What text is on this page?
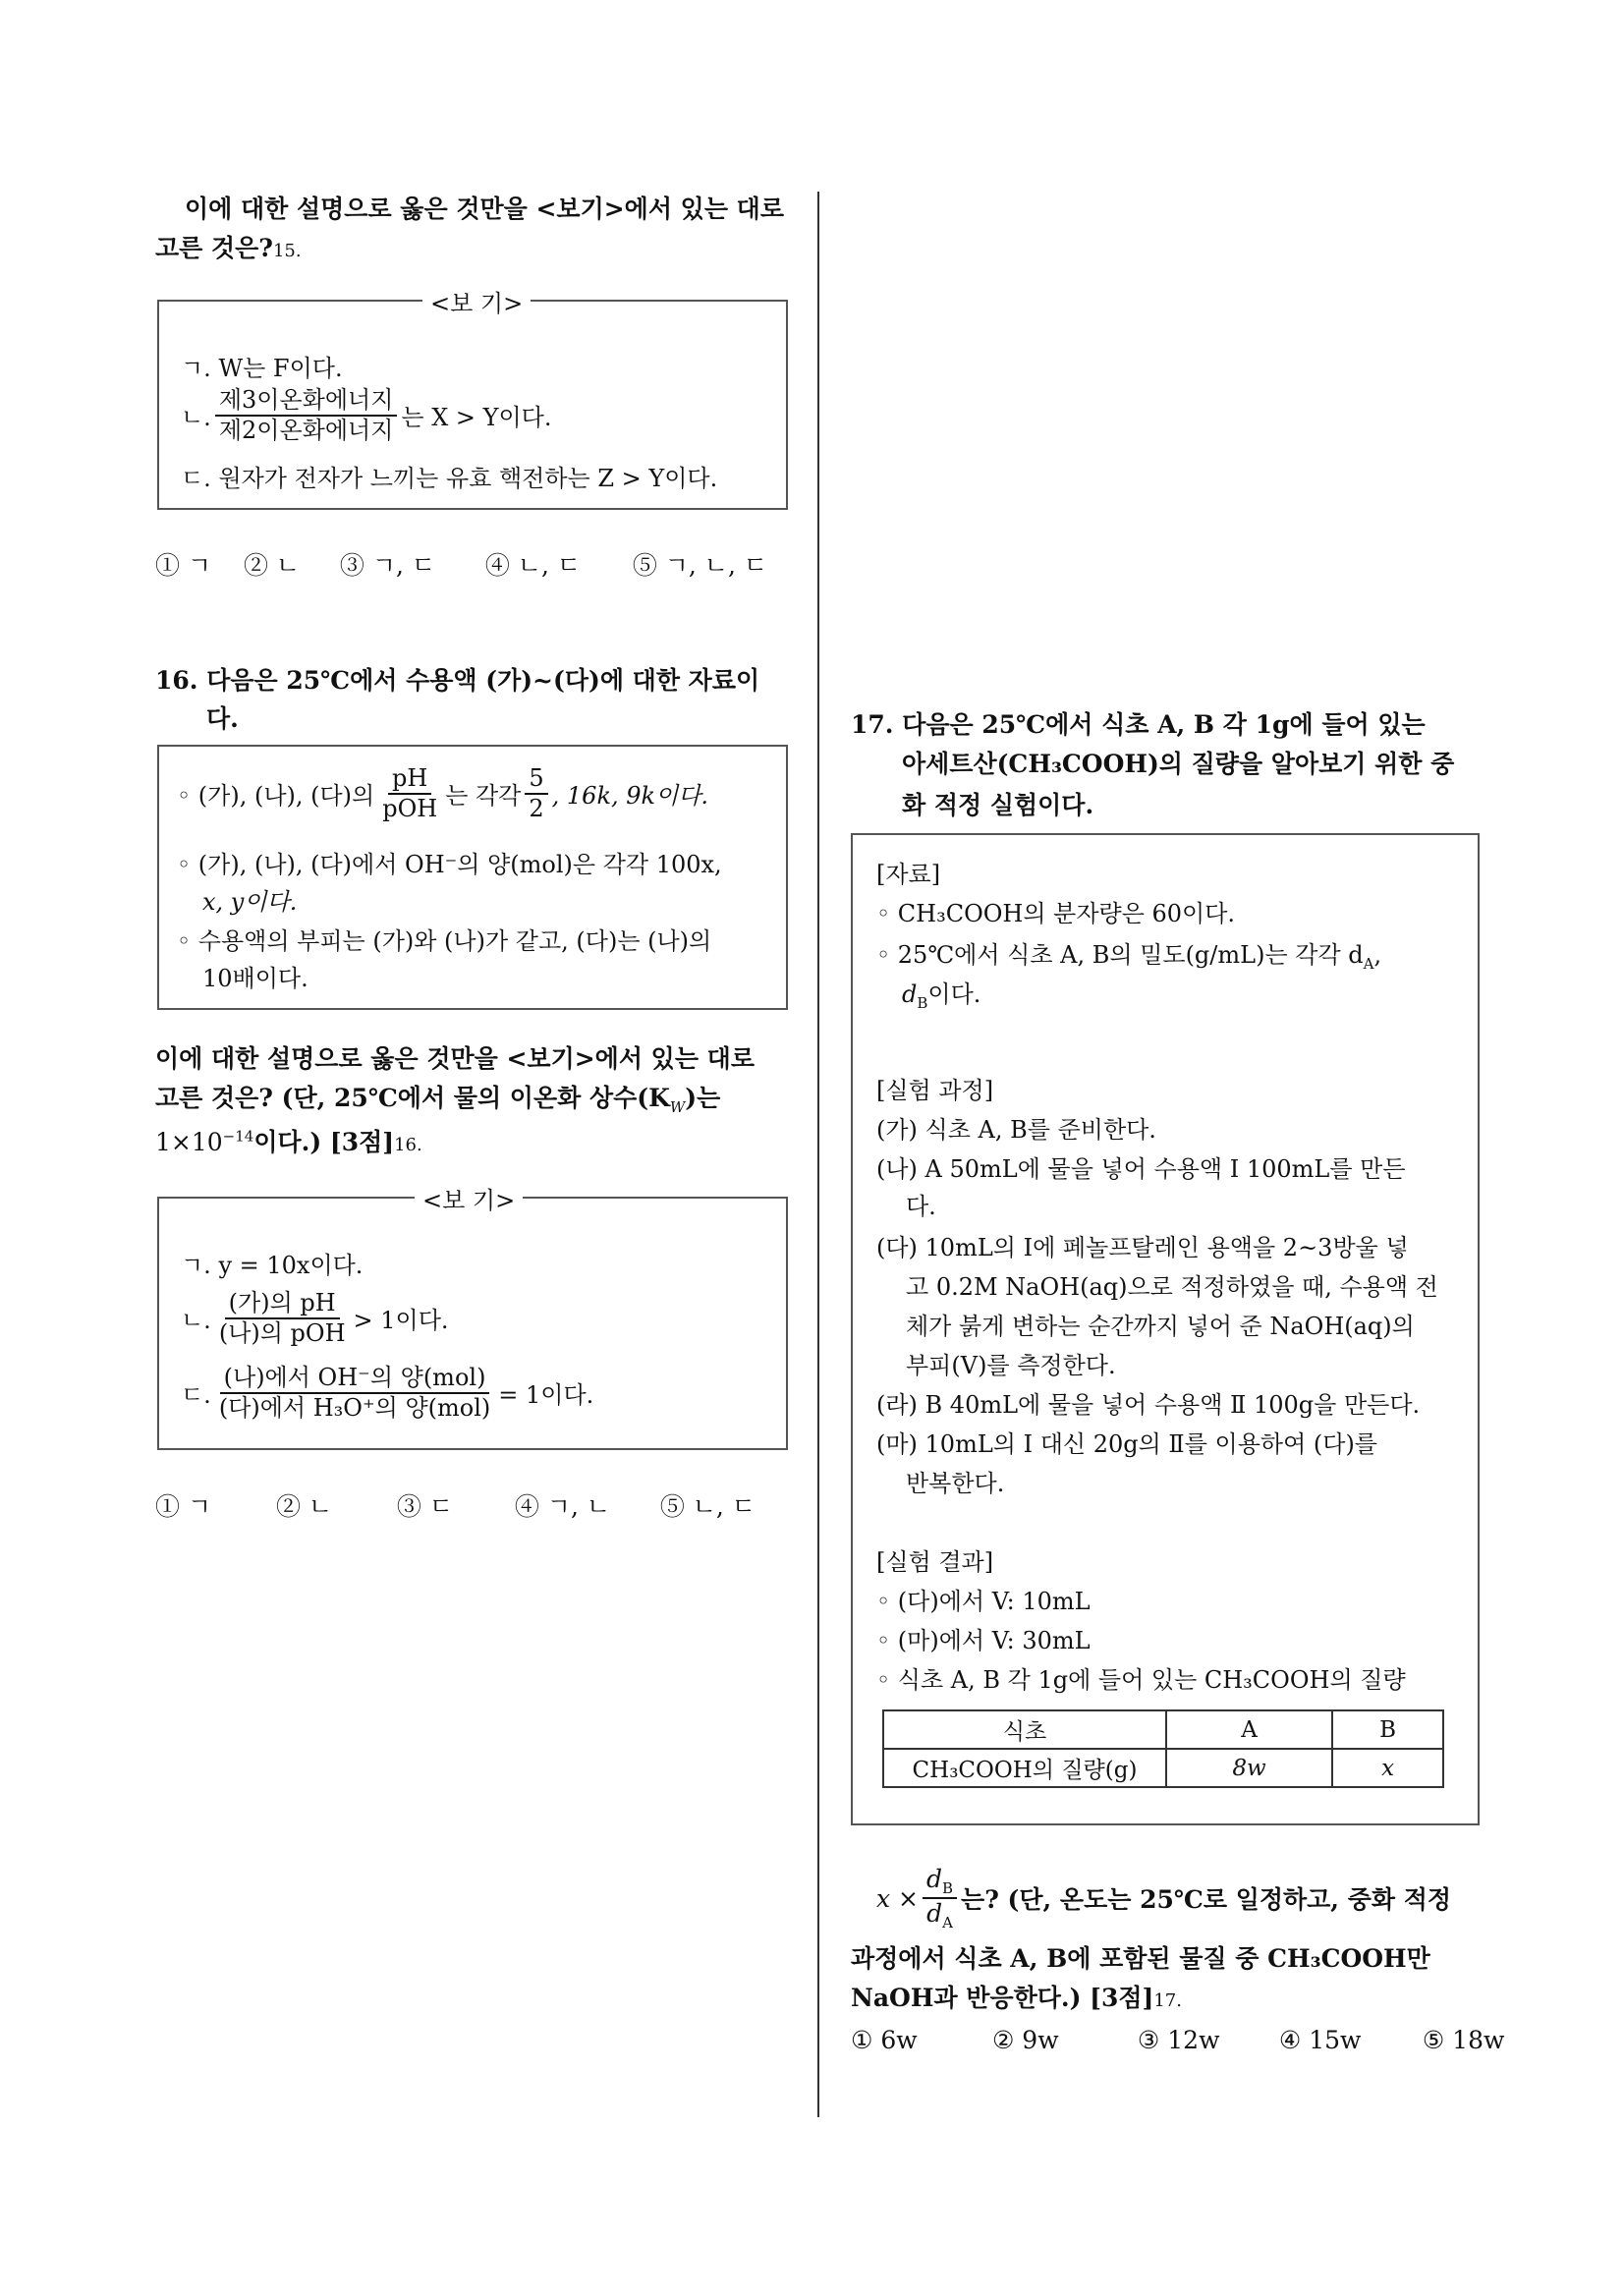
이에 대한 설명으로 옳은 것만을 <보기>에서 있는 대로
고른 것은?15.
<보 기>
ㄱ. W는 F이다.
ㄴ. $\frac{\text{제3이온화에너지}}{\text{제2이온화에너지}}$ 는 X > Y이다.
ㄷ. 원자가 전자가 느끼는 유효 핵전하는 Z > Y이다.
① ㄱ ② ㄴ ③ ㄱ, ㄷ ④ ㄴ, ㄷ ⑤ ㄱ, ㄴ, ㄷ
16. 다음은 25℃에서 수용액 (가)~(다)에 대한 자료이
다.
◦ (가), (나), (다)의 $\frac{pH}{\text{pOH}}$ 는 각각 $\frac{5}{2}$ , 16k, 9k이다.
◦ (가), (나), (다)에서 OH⁻의 양(mol)은 각각 100x,
x, y이다.
◦ 수용액의 부피는 (가)와 (나)가 같고, (다)는 (나)의
10배이다.
이에 대한 설명으로 옳은 것만을 <보기>에서 있는 대로
고른 것은? (단, 25℃에서 물의 이온화 상수$(K_W)$는
$1\times 10^{-14}$이다.) [3점]16.
<보 기>
ㄱ. y = 10x이다.
ㄴ. $\frac{\text{(가)의 pH}}{\text{(나)의 pOH}} > 1$이다.
ㄷ. $\frac{\text{(나)에서 OH⁻의 양(mol)}}{\text{(다)에서 H₃O⁺의 양(mol)}} = 1$이다.
① ㄱ	② ㄴ	③ ㄷ	④ ㄱ, ㄴ ⑤ ㄴ, ㄷ
17. 다음은 25℃에서 식초 A, B 각 1g에 들어 있는
아세트산(CH₃COOH)의 질량을 알아보기 위한 중
화 적정 실험이다.
[자료]
◦ CH₃COOH의 분자량은 60이다.
◦ 25℃에서 식초 A, B의 밀도(g/mL)는 각각 $d_A$,
$d_B$이다.
[실험 과정]
(가) 식초 A, B를 준비한다.
(나) A 50mL에 물을 넣어 수용액 Ⅰ 100mL를 만든
다.
(다) 10mL의 Ⅰ에 페놀프탈레인 용액을 2~3방울 넣
고 0.2M NaOH(aq)으로 적정하였을 때, 수용액 전
체가 붉게 변하는 순간까지 넣어 준 NaOH(aq)의
부피(V)를 측정한다.
(라) B 40mL에 물을 넣어 수용액 Ⅱ 100g을 만든다.
(마) 10mL의 Ⅰ 대신 20g의 Ⅱ를 이용하여 (다)를
반복한다.
[실험 결과]
◦ (다)에서 V: 10mL
◦ (마)에서 V: 30mL
◦ 식초 A, B 각 1g에 들어 있는 CH₃COOH의 질량
식초	A	B
CH₃COOH의 질량(g)	8w	x
$x \times \frac{d_B}{d_A}$ 는? (단, 온도는 25℃로 일정하고, 중화 적정
과정에서 식초 A, B에 포함된 물질 중 CH₃COOH만
NaOH과 반응한다.) [3점]17.
① 6w	② 9w	③ 12w ④ 15w ⑤ 18w
